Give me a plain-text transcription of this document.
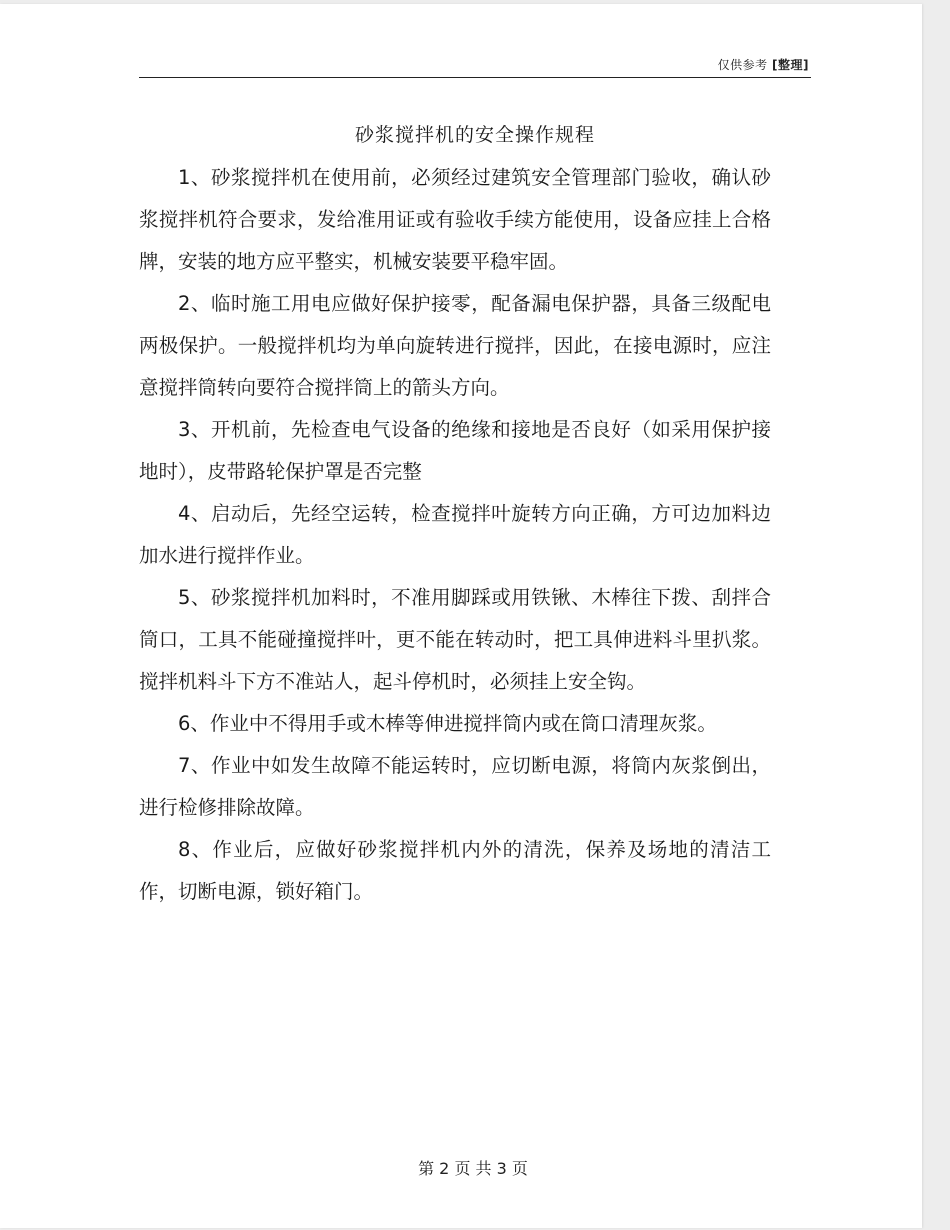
仅供参考 [整理]
砂浆搅拌机的安全操作规程

1、砂浆搅拌机在使用前，必须经过建筑安全管理部门验收，确认砂浆搅拌机符合要求，发给准用证或有验收手续方能使用，设备应挂上合格牌，安装的地方应平整实，机械安装要平稳牢固。

2、临时施工用电应做好保护接零，配备漏电保护器，具备三级配电两极保护。一般搅拌机均为单向旋转进行搅拌，因此，在接电源时，应注意搅拌筒转向要符合搅拌筒上的箭头方向。

3、开机前，先检查电气设备的绝缘和接地是否良好（如采用保护接地时），皮带路轮保护罩是否完整

4、启动后，先经空运转，检查搅拌叶旋转方向正确，方可边加料边加水进行搅拌作业。

5、砂浆搅拌机加料时，不准用脚踩或用铁锹、木棒往下拨、刮拌合筒口，工具不能碰撞搅拌叶，更不能在转动时，把工具伸进料斗里扒浆。搅拌机料斗下方不准站人，起斗停机时，必须挂上安全钩。

6、作业中不得用手或木棒等伸进搅拌筒内或在筒口清理灰浆。

7、作业中如发生故障不能运转时，应切断电源，将筒内灰浆倒出，进行检修排除故障。

8、作业后，应做好砂浆搅拌机内外的清洗，保养及场地的清洁工作，切断电源，锁好箱门。

第 2 页 共 3 页
